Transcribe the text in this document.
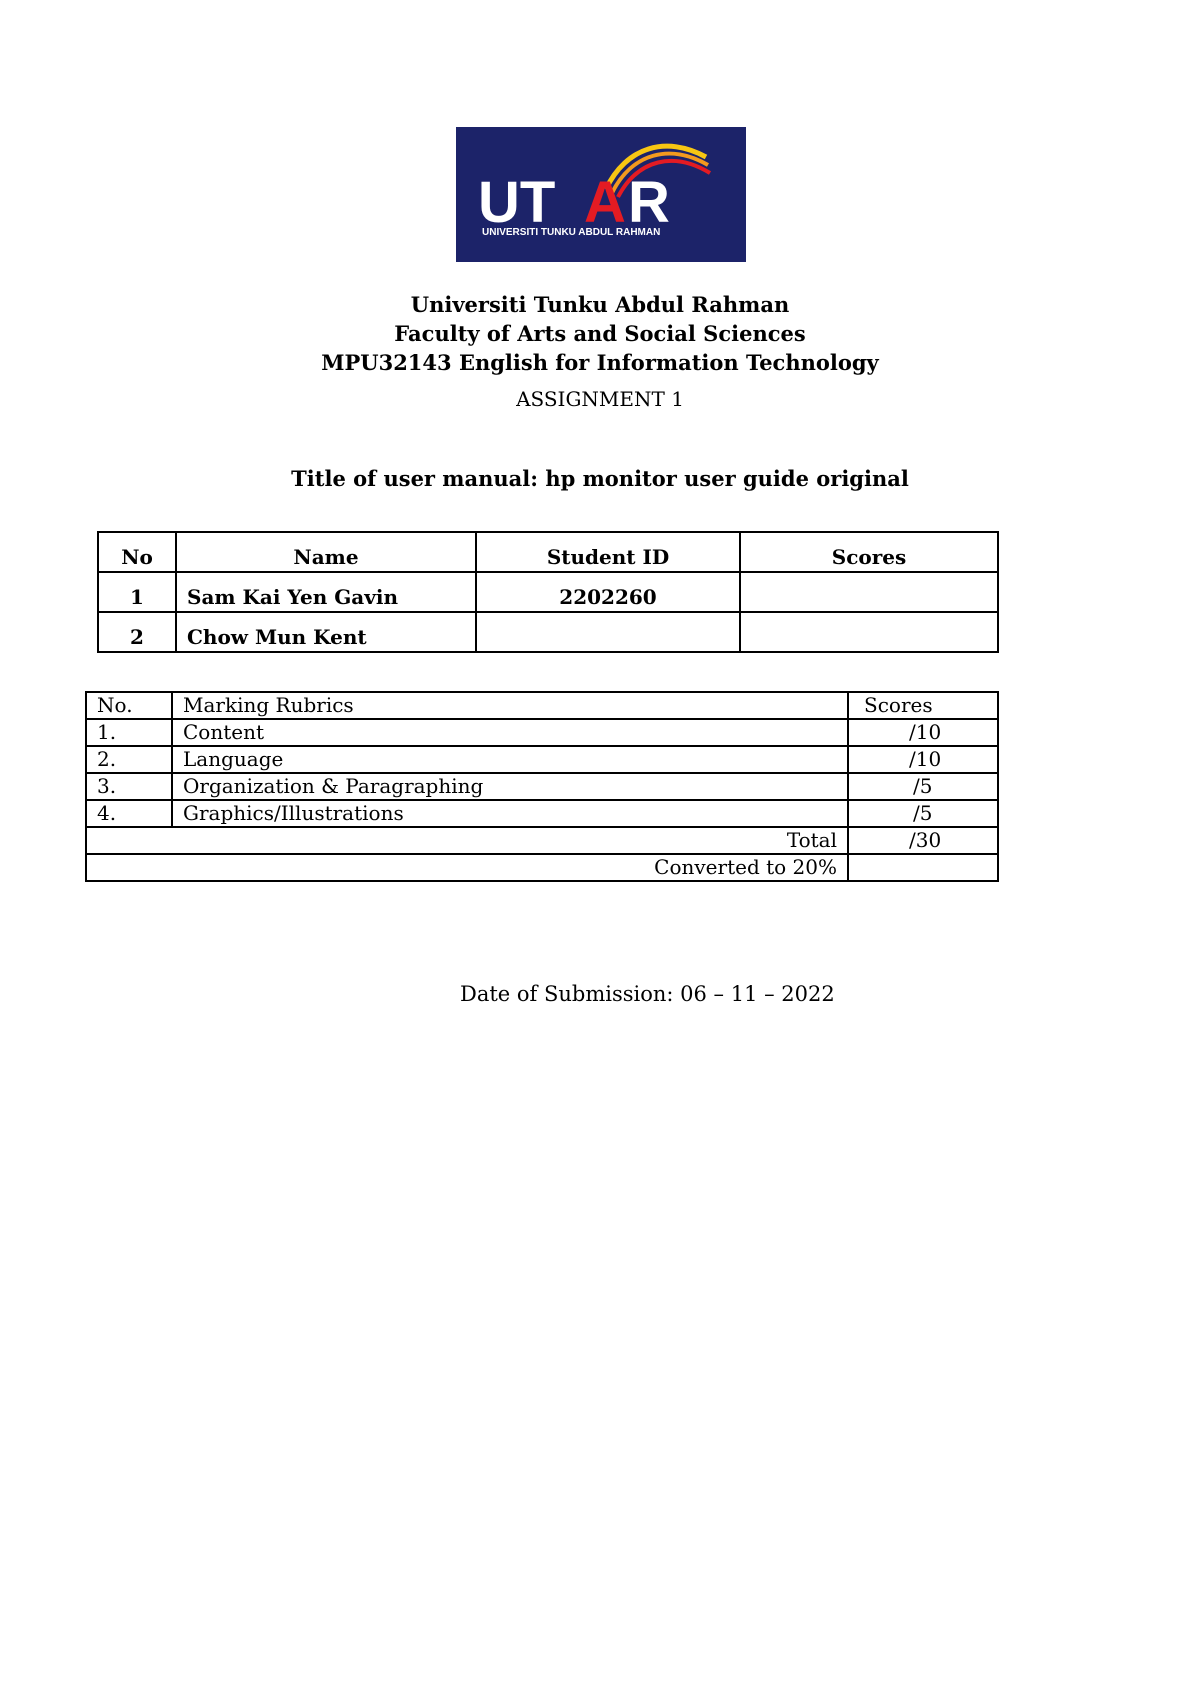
UT A R
UNIVERSITI TUNKU ABDUL RAHMAN
Universiti Tunku Abdul Rahman
Faculty of Arts and Social Sciences
MPU32143 English for Information Technology
ASSIGNMENT 1
Title of user manual: hp monitor user guide original
No	Name	Student ID	Scores
1	Sam Kai Yen Gavin	2202260	
2	Chow Mun Kent		
No.	Marking Rubrics	Scores
1.	Content	/10
2.	Language	/10
3.	Organization & Paragraphing	/5
4.	Graphics/Illustrations	/5
Total		/30
Converted to 20%		
Date of Submission: 06 – 11 – 2022
